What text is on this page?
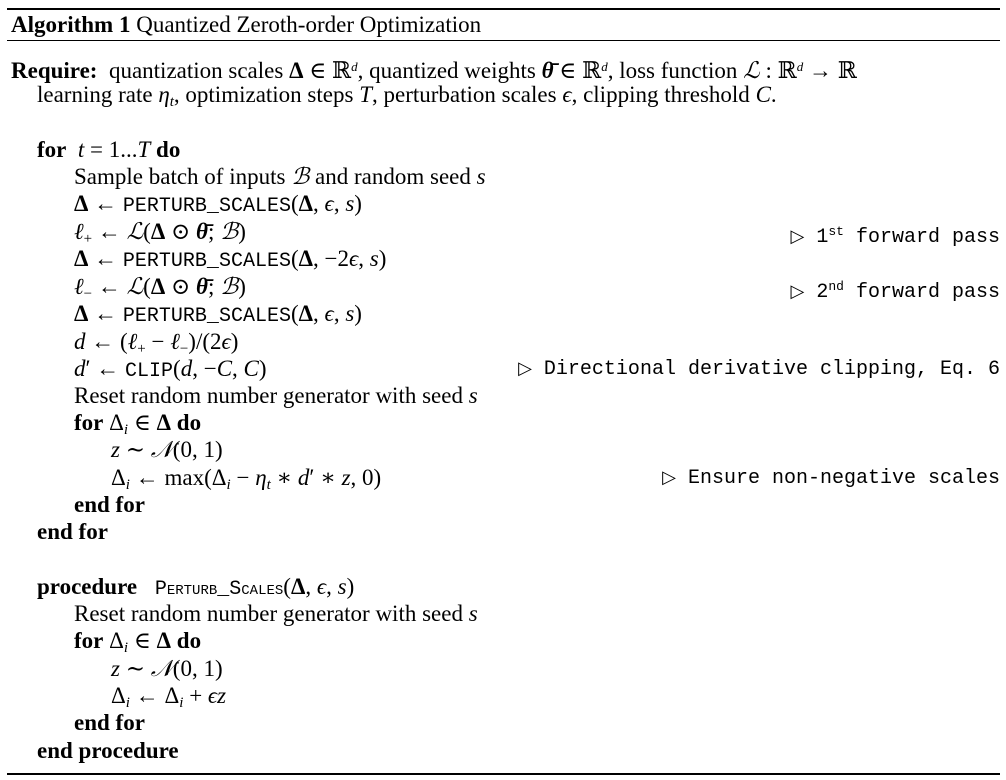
Algorithm 1 Quantized Zeroth-order Optimization
Require:  quantization scales Δ ∈ ℝ$^d$, quantized weights θ̄ ∈ ℝ$^d$, loss function ℒ : ℝ$^d$ → ℝ
learning rate $\eta_t$, optimization steps T, perturbation scales ϵ, clipping threshold C.
for  t = 1...T do
Sample batch of inputs ℬ and random seed s
Δ ← PERTURB_SCALES(Δ, ϵ, s)
ℓ$_+$ ← ℒ(Δ ⊙ θ̄; ℬ)	▷ 1st forward pass
Δ ← PERTURB_SCALES(Δ, −2ϵ, s)
ℓ$_-$ ← ℒ(Δ ⊙ θ̄; ℬ)	▷ 2nd forward pass
Δ ← PERTURB_SCALES(Δ, ϵ, s)
d ← (ℓ$_+$ − ℓ$_-$)/(2ϵ)
d′ ← CLIP(d, −C, C)	▷ Directional derivative clipping, Eq. 6
Reset random number generator with seed s
for $\Delta_i$ ∈ Δ do
z ∼ 𝒩(0, 1)
$\Delta_i$ ← $\max(\Delta_i - \eta_t$ ∗ d′ ∗ z, 0)	▷ Ensure non-negative scales
end for
end for
procedure  Perturb_Scales(Δ, ϵ, s)
Reset random number generator with seed s
for $\Delta_i$ ∈ Δ do
z ∼ 𝒩(0, 1)
$\Delta_i$ ← $\Delta_i + \epsilon z$
end for
end procedure
